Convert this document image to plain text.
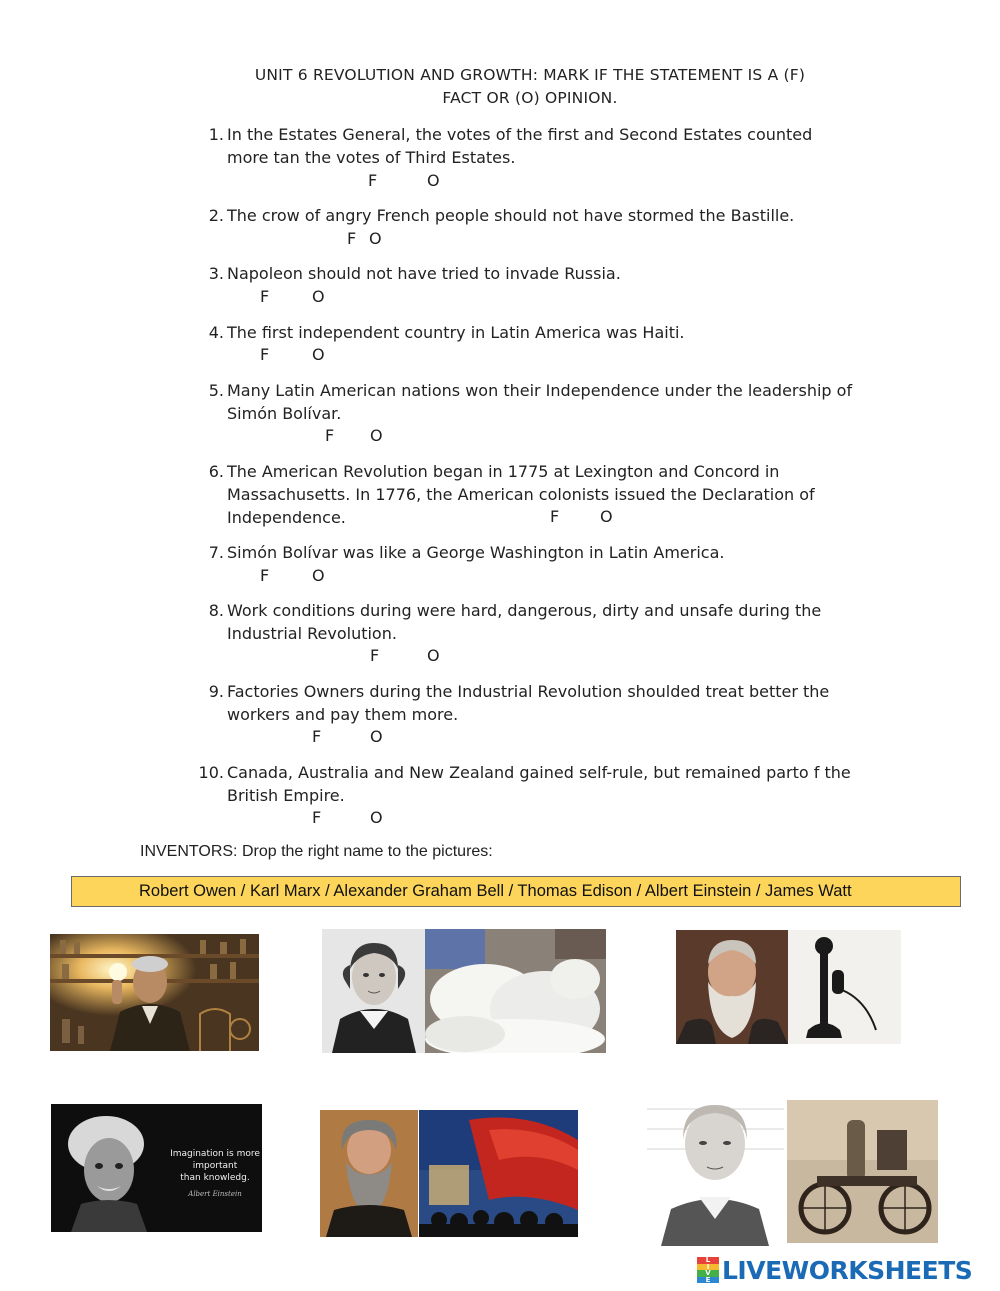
UNIT 6 REVOLUTION AND GROWTH: MARK IF THE STATEMENT IS A (F)
FACT OR (O) OPINION.
1. In the Estates General, the votes of the first and Second Estates counted more tan the votes of Third Estates.
F	O
2. The crow of angry French people should not have stormed the Bastille.
F O
3. Napoleon should not have tried to invade Russia.
F	O
4. The first independent country in Latin America was Haiti.
F	O
5. Many Latin American nations won their Independence under the leadership of Simón Bolívar.
F O
6. The American Revolution began in 1775 at Lexington and Concord in Massachusetts. In 1776, the American colonists issued the Declaration of Independence.	F	O
7. Simón Bolívar was like a George Washington in Latin America.
F	O
8. Work conditions during were hard, dangerous, dirty and unsafe during the Industrial Revolution.
F	O
9. Factories Owners during the Industrial Revolution shoulded treat better the workers and pay them more.
F	O
10. Canada, Australia and New Zealand gained self-rule, but remained parto f the British Empire.
F	O
INVENTORS: Drop the right name to the pictures:
Robert Owen / Karl Marx / Alexander Graham Bell / Thomas Edison / Albert Einstein / James Watt
Imagination is more
important
than knowledg.
Albert Einstein
L
I
V
E LIVEWORKSHEETS
